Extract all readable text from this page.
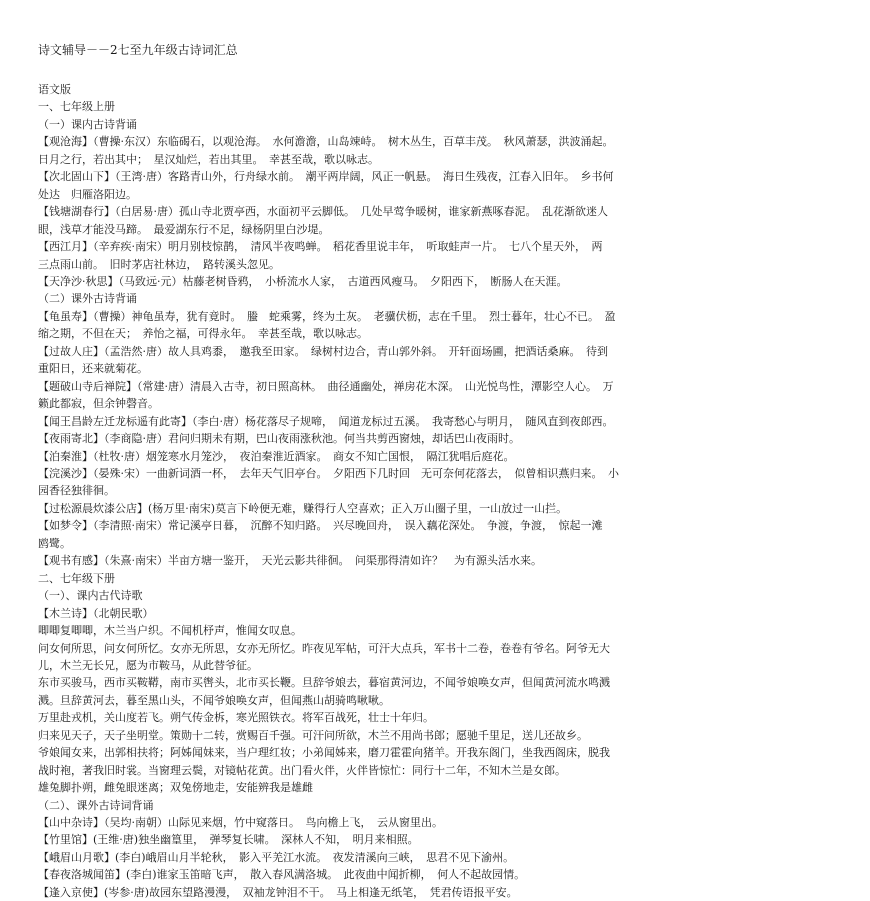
诗文辅导－－2七至九年级古诗词汇总
语文版
一、七年级上册
（一）课内古诗背诵
【观沧海】（曹操·东汉）东临碣石，以观沧海。　水何澹澹，山岛竦峙。　树木丛生，百草丰茂。　秋风萧瑟，洪波涌起。
日月之行，若出其中；　星汉灿烂，若出其里。　幸甚至哉，歌以咏志。
【次北固山下】（王湾·唐）客路青山外，行舟绿水前。　潮平两岸阔，风正一帆悬。　海日生残夜，江春入旧年。　乡书何
处达　归雁洛阳边。
【钱塘湖春行】（白居易·唐）孤山寺北贾亭西，水面初平云脚低。　几处早莺争暖树，谁家新燕啄春泥。　乱花渐欲迷人
眼，浅草才能没马蹄。　最爱湖东行不足，绿杨阴里白沙堤。
【西江月】（辛弃疾·南宋）明月别枝惊鹊，　清风半夜鸣蝉。　稻花香里说丰年，　听取蛙声一片。　七八个星天外，　两
三点雨山前。　旧时茅店社林边，　路转溪头忽见。
【天净沙·秋思】（马致远·元）枯藤老树昏鸦，　小桥流水人家，　古道西风瘦马。　夕阳西下，　断肠人在天涯。
（二）课外古诗背诵
【龟虽寿】（曹操）神龟虽寿，犹有竟时。　螣　蛇乘雾，终为土灰。　老骥伏枥，志在千里。　烈士暮年，壮心不已。　盈
缩之期，不但在天；　养怡之福，可得永年。　幸甚至哉，歌以咏志。
【过故人庄】（孟浩然·唐）故人具鸡黍，　邀我至田家。　绿树村边合，青山郭外斜。　开轩面场圃，把酒话桑麻。　待到
重阳日，还来就菊花。
【题破山寺后禅院】（常建·唐）清晨入古寺，初日照高林。　曲径通幽处，禅房花木深。　山光悦鸟性，潭影空人心。　万
籁此都寂，但余钟磬音。
【闻王昌龄左迁龙标遥有此寄】（李白·唐）杨花落尽子规啼，　闻道龙标过五溪。　我寄愁心与明月，　随风直到夜郎西。
【夜雨寄北】（李商隐·唐）君问归期未有期，巴山夜雨涨秋池。何当共剪西窗烛，却话巴山夜雨时。
【泊秦淮】（杜牧·唐）烟笼寒水月笼沙，　夜泊秦淮近酒家。　商女不知亡国恨，　隔江犹唱后庭花。
【浣溪沙】（晏殊·宋）一曲新词酒一杯，　去年天气旧亭台。　夕阳西下几时回　无可奈何花落去，　似曾相识燕归来。　小
园香径独徘徊。
【过松源晨炊漆公店】(杨万里·南宋)莫言下岭便无难，赚得行人空喜欢；正入万山圈子里，一山放过一山拦。
【如梦令】（李清照·南宋）常记溪亭日暮，　沉醉不知归路。　兴尽晚回舟，　误入藕花深处。　争渡，争渡，　惊起一滩
鸥鹭。
【观书有感】（朱熹·南宋）半亩方塘一鉴开，　天光云影共徘徊。　问渠那得清如许？　为有源头活水来。
二、七年级下册
（一）、课内古代诗歌
【木兰诗】（北朝民歌）
唧唧复唧唧，木兰当户织。不闻机杼声，惟闻女叹息。
问女何所思，问女何所忆。女亦无所思，女亦无所忆。昨夜见军帖，可汗大点兵，军书十二卷，卷卷有爷名。阿爷无大
儿，木兰无长兄，愿为市鞍马，从此替爷征。
东市买骏马，西市买鞍鞯，南市买辔头，北市买长鞭。旦辞爷娘去，暮宿黄河边，不闻爷娘唤女声，但闻黄河流水鸣溅
溅。旦辞黄河去，暮至黑山头，不闻爷娘唤女声，但闻燕山胡骑鸣啾啾。
万里赴戎机，关山度若飞。朔气传金柝，寒光照铁衣。将军百战死，壮士十年归。
归来见天子，天子坐明堂。策勋十二转，赏赐百千强。可汗问所欲，木兰不用尚书郎；愿驰千里足，送儿还故乡。
爷娘闻女来，出郭相扶将；阿姊闻妹来，当户理红妆；小弟闻姊来，磨刀霍霍向猪羊。开我东阁门，坐我西阁床，脱我
战时袍，著我旧时裳。当窗理云鬓，对镜帖花黄。出门看火伴，火伴皆惊忙：同行十二年，不知木兰是女郎。
雄兔脚扑朔，雌兔眼迷离；双兔傍地走，安能辨我是雄雌
（二）、课外古诗词背诵
【山中杂诗】（吴均·南朝）山际见来烟，竹中窥落日。　鸟向檐上飞，　云从窗里出。
【竹里馆】(王维·唐)独坐幽篁里，　弹琴复长啸。　深林人不知，　明月来相照。
【峨眉山月歌】(李白)峨眉山月半轮秋，　影入平羌江水流。　夜发清溪向三峡，　思君不见下渝州。
【春夜洛城闻笛】(李白)谁家玉笛暗飞声，　散入春风满洛城。　此夜曲中闻折柳，　何人不起故园情。
【逢入京使】(岑参·唐)故园东望路漫漫，　双袖龙钟泪不干。　马上相逢无纸笔，　凭君传语报平安。
